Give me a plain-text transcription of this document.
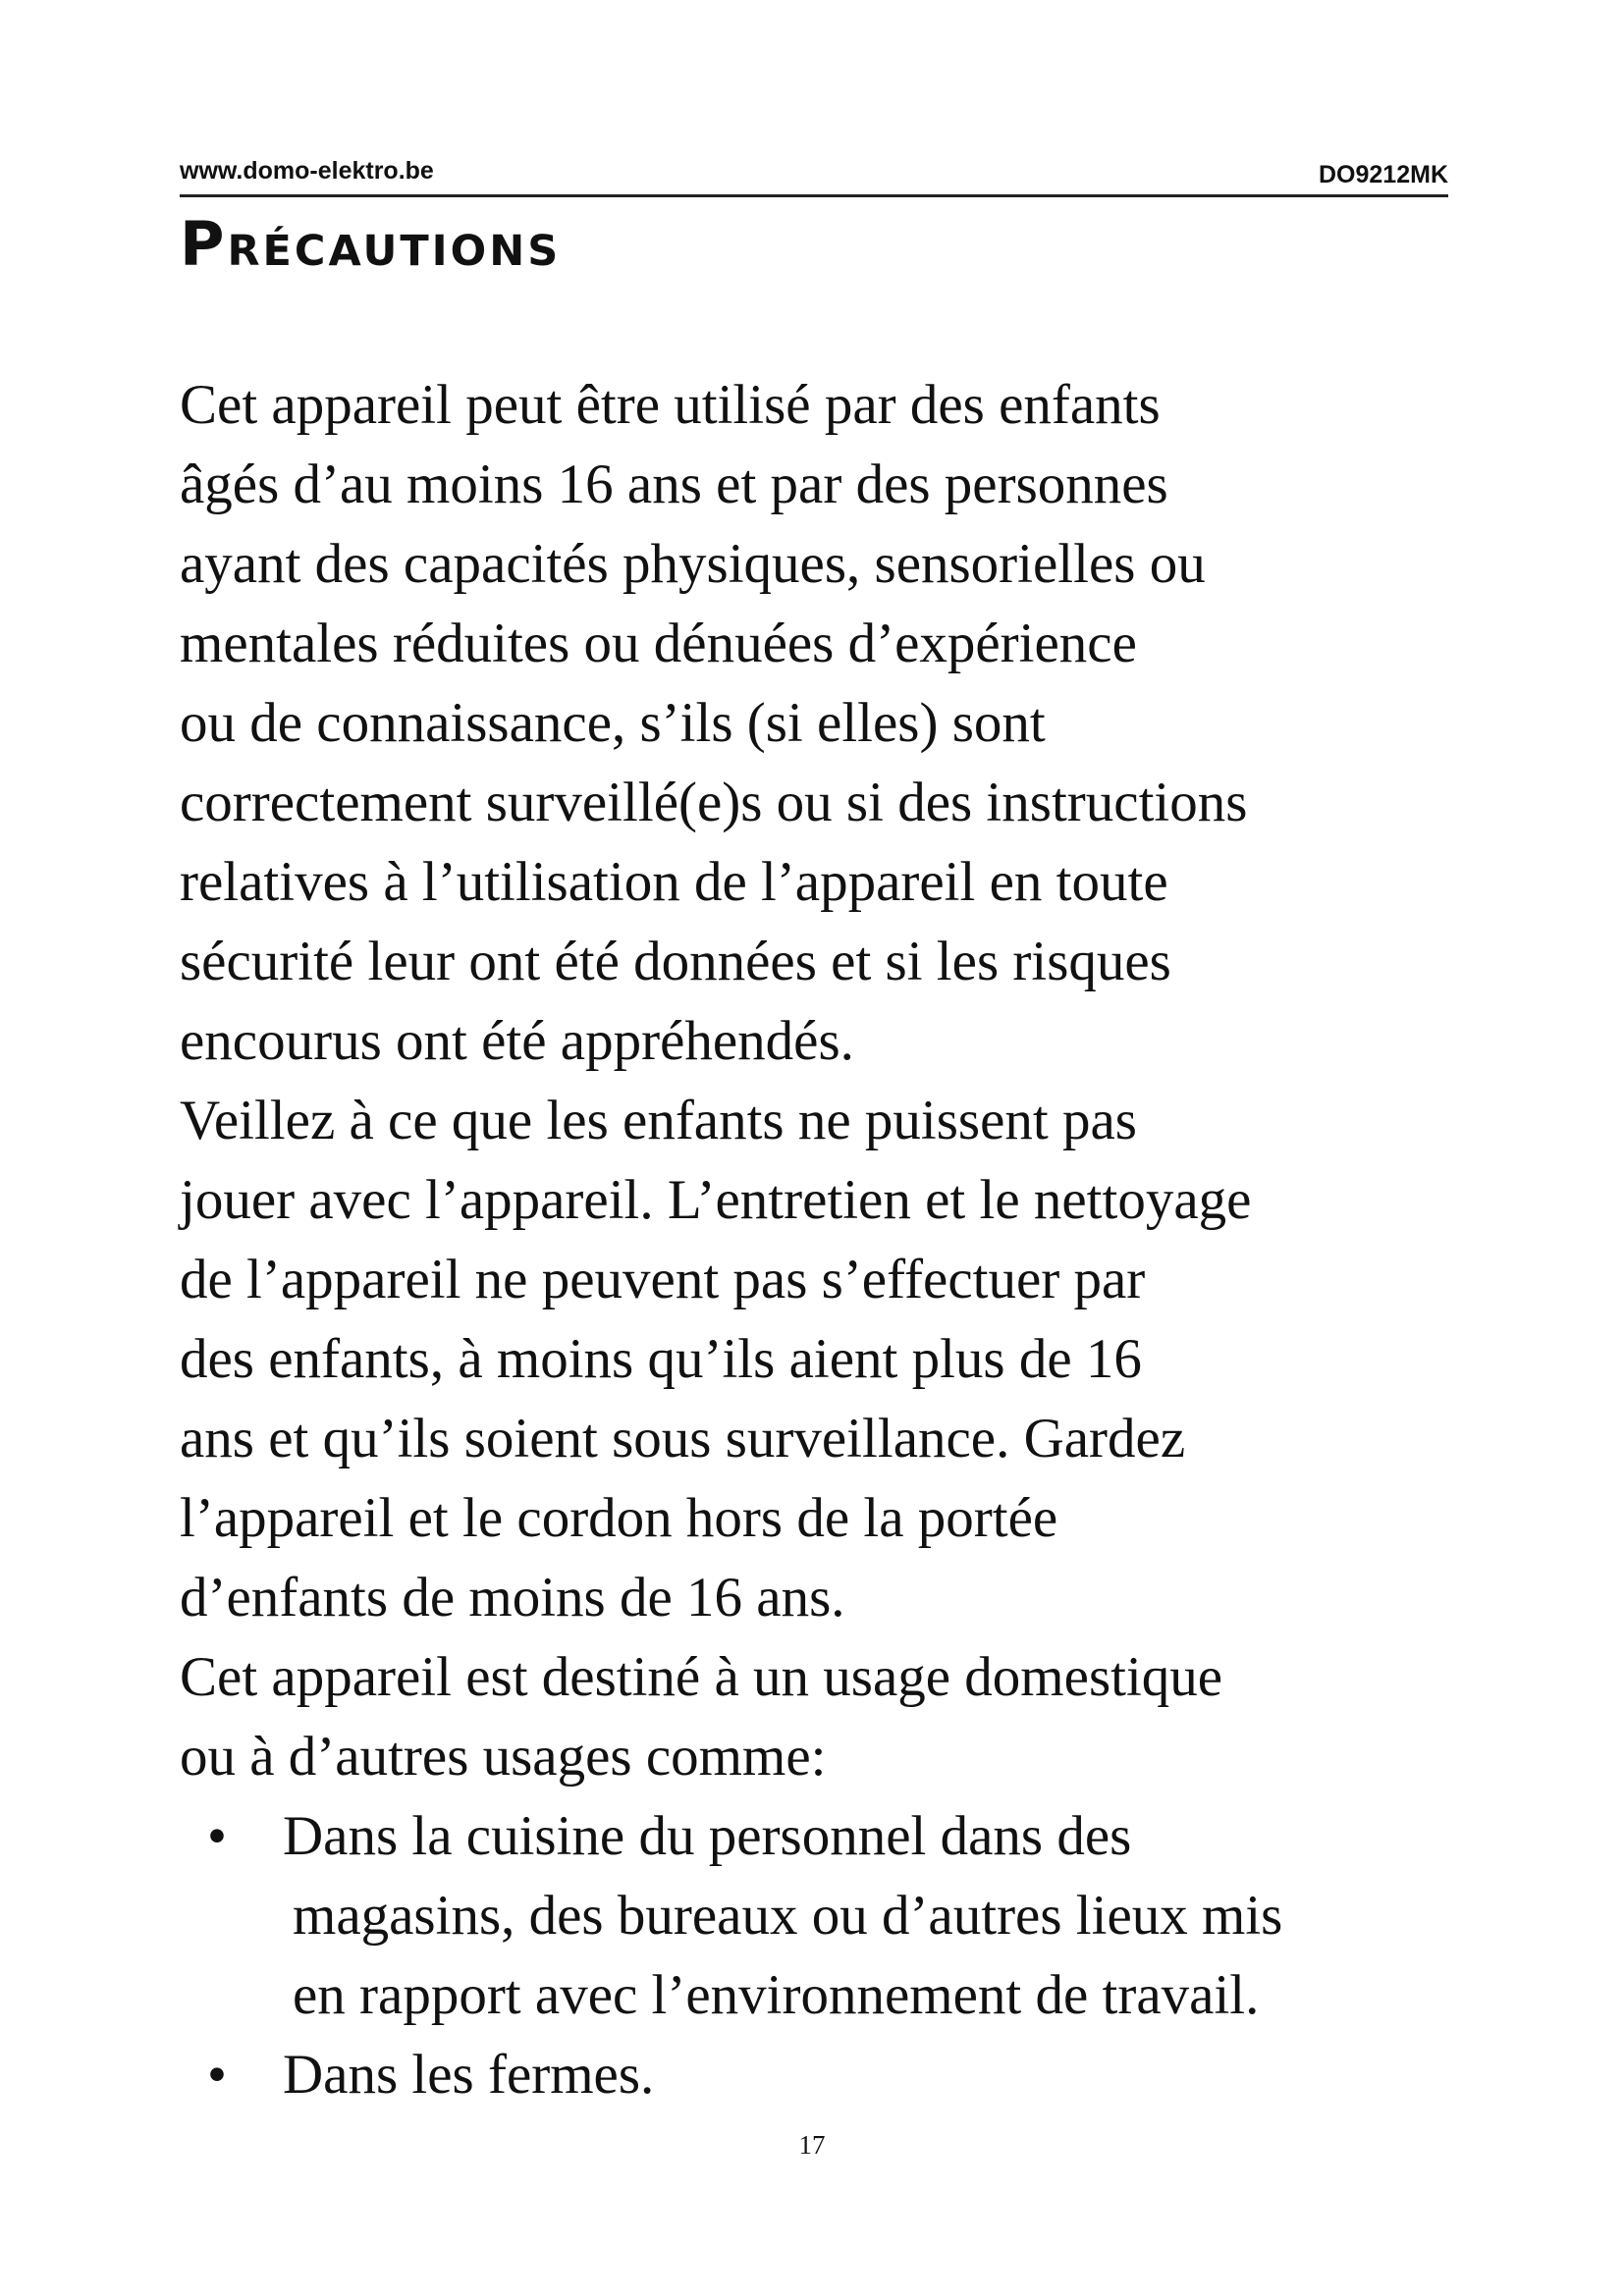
www.domo-elektro.be	DO9212MK
Précautions

Cet appareil peut être utilisé par des enfants
âgés d’au moins 16 ans et par des personnes
ayant des capacités physiques, sensorielles ou
mentales réduites ou dénuées d’expérience
ou de connaissance, s’ils (si elles) sont
correctement surveillé(e)s ou si des instructions
relatives à l’utilisation de l’appareil en toute
sécurité leur ont été données et si les risques
encourus ont été appréhendés.

Veillez à ce que les enfants ne puissent pas
jouer avec l’appareil. L’entretien et le nettoyage
de l’appareil ne peuvent pas s’effectuer par
des enfants, à moins qu’ils aient plus de 16
ans et qu’ils soient sous surveillance. Gardez
l’appareil et le cordon hors de la portée
d’enfants de moins de 16 ans.

Cet appareil est destiné à un usage domestique
ou à d’autres usages comme:

• Dans la cuisine du personnel dans des
magasins, des bureaux ou d’autres lieux mis
en rapport avec l’environnement de travail.
• Dans les fermes.
17
